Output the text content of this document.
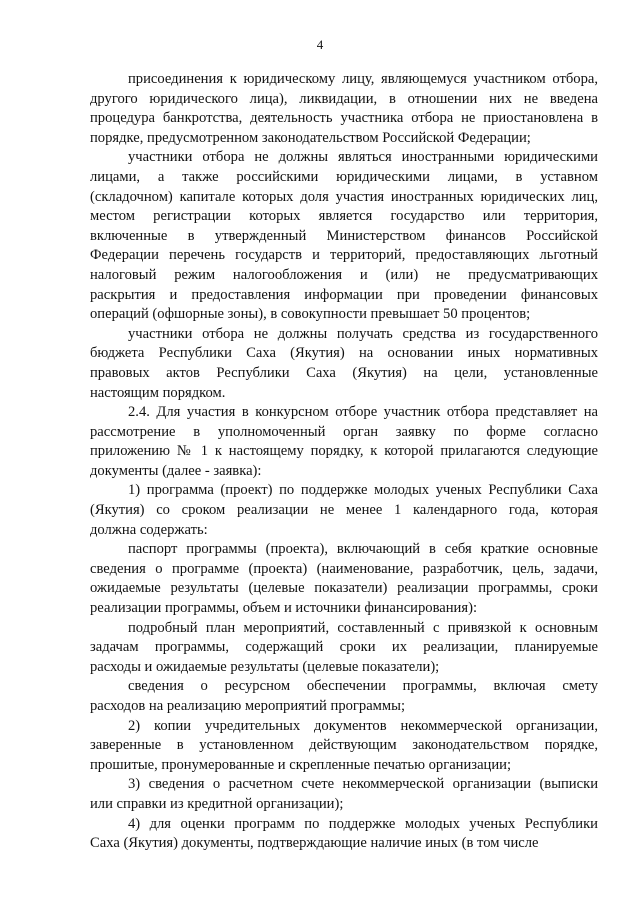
4
присоединения к юридическому лицу, являющемуся участником отбора,
другого юридического лица), ликвидации, в отношении них не введена
процедура банкротства, деятельность участника отбора не приостановлена в
порядке, предусмотренном законодательством Российской Федерации;
участники отбора не должны являться иностранными юридическими
лицами, а также российскими юридическими лицами, в уставном
(складочном) капитале которых доля участия иностранных юридических лиц,
местом регистрации которых является государство или территория,
включенные в утвержденный Министерством финансов Российской
Федерации перечень государств и территорий, предоставляющих льготный
налоговый режим налогообложения и (или) не предусматривающих
раскрытия и предоставления информации при проведении финансовых
операций (офшорные зоны), в совокупности превышает 50 процентов;
участники отбора не должны получать средства из государственного
бюджета Республики Саха (Якутия) на основании иных нормативных
правовых актов Республики Саха (Якутия) на цели, установленные
настоящим порядком.
2.4. Для участия в конкурсном отборе участник отбора представляет на
рассмотрение в уполномоченный орган заявку по форме согласно
приложению № 1 к настоящему порядку, к которой прилагаются следующие
документы (далее - заявка):
1) программа (проект) по поддержке молодых ученых Республики Саха
(Якутия) со сроком реализации не менее 1 календарного года, которая
должна содержать:
паспорт программы (проекта), включающий в себя краткие основные
сведения о программе (проекта) (наименование, разработчик, цель, задачи,
ожидаемые результаты (целевые показатели) реализации программы, сроки
реализации программы, объем и источники финансирования):
подробный план мероприятий, составленный с привязкой к основным
задачам программы, содержащий сроки их реализации, планируемые
расходы и ожидаемые результаты (целевые показатели);
сведения о ресурсном обеспечении программы, включая смету
расходов на реализацию мероприятий программы;
2) копии учредительных документов некоммерческой организации,
заверенные в установленном действующим законодательством порядке,
прошитые, пронумерованные и скрепленные печатью организации;
3) сведения о расчетном счете некоммерческой организации (выписки
или справки из кредитной организации);
4) для оценки программ по поддержке молодых ученых Республики
Саха (Якутия) документы, подтверждающие наличие иных (в том числе
